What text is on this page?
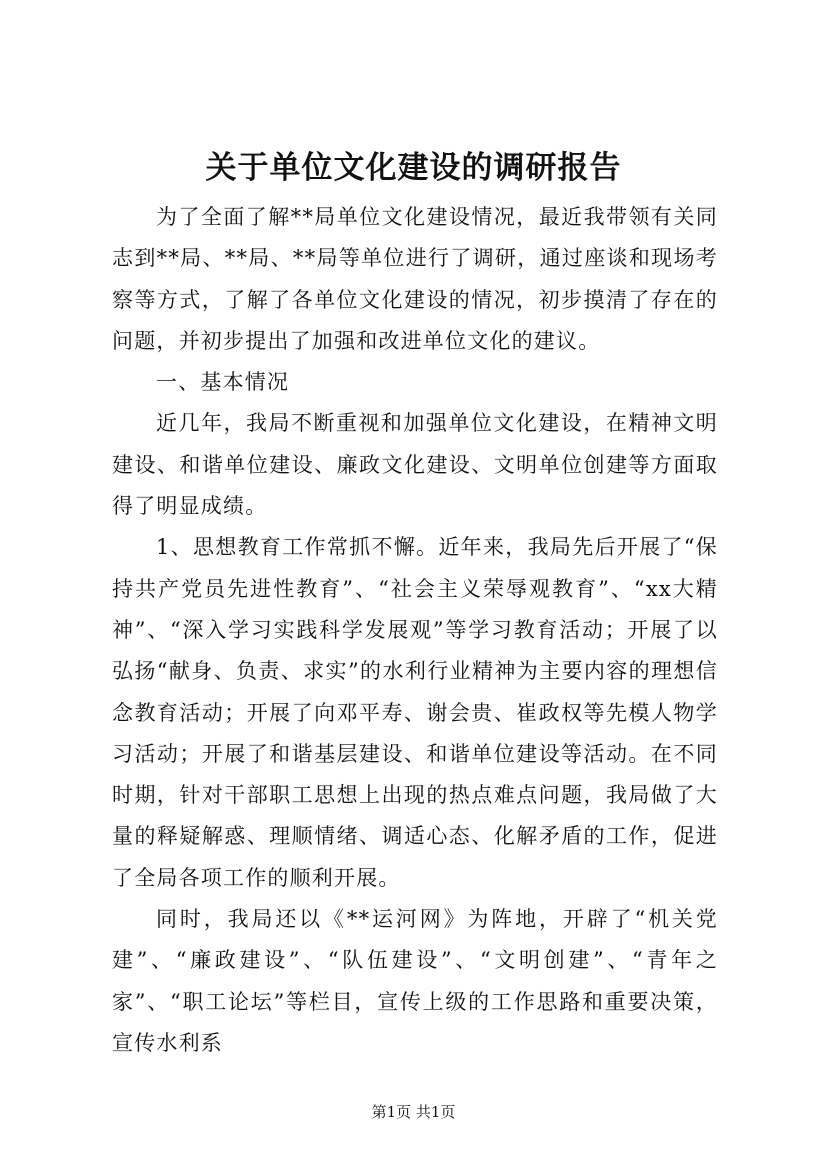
关于单位文化建设的调研报告

为了全面了解**局单位文化建设情况，最近我带领有关同志到**局、**局、**局等单位进行了调研，通过座谈和现场考察等方式，了解了各单位文化建设的情况，初步摸清了存在的问题，并初步提出了加强和改进单位文化的建议。

一、基本情况

近几年，我局不断重视和加强单位文化建设，在精神文明建设、和谐单位建设、廉政文化建设、文明单位创建等方面取得了明显成绩。

1、思想教育工作常抓不懈。近年来，我局先后开展了“保持共产党员先进性教育”、“社会主义荣辱观教育”、“xx大精神”、“深入学习实践科学发展观”等学习教育活动；开展了以弘扬“献身、负责、求实”的水利行业精神为主要内容的理想信念教育活动；开展了向邓平寿、谢会贵、崔政权等先模人物学习活动；开展了和谐基层建设、和谐单位建设等活动。在不同时期，针对干部职工思想上出现的热点难点问题，我局做了大量的释疑解惑、理顺情绪、调适心态、化解矛盾的工作，促进了全局各项工作的顺利开展。

同时，我局还以《**运河网》为阵地，开辟了“机关党建”、“廉政建设”、“队伍建设”、“文明创建”、“青年之家”、“职工论坛”等栏目，宣传上级的工作思路和重要决策，宣传水利系

第1页 共1页
